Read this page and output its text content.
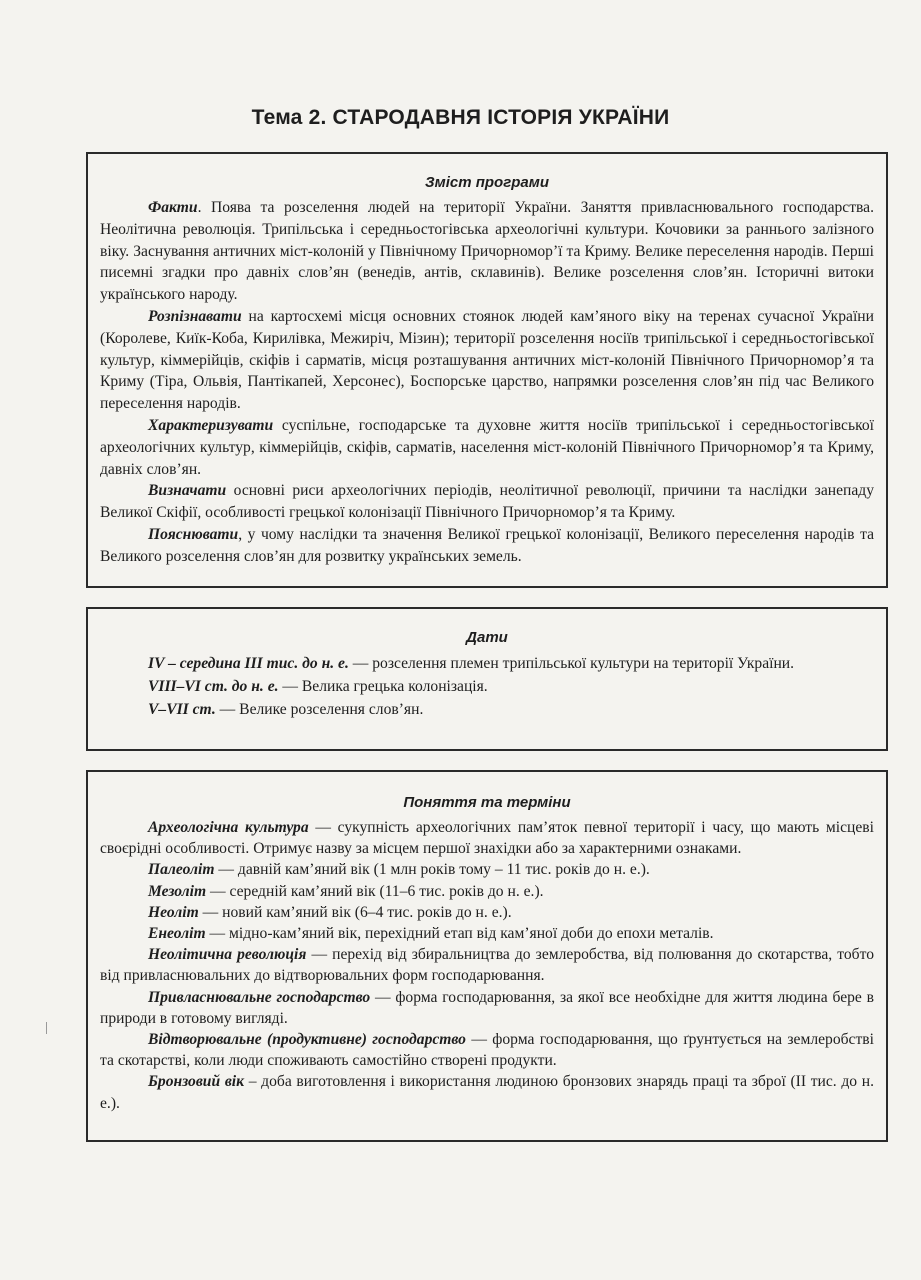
Тема 2. СТАРОДАВНЯ ІСТОРІЯ УКРАЇНИ
Зміст програми

Факти. Поява та розселення людей на території України. Заняття привласнювального господарства. Неолітична революція. Трипільська і середньостогівська археологічні культури. Кочовики за раннього залізного віку. Заснування античних міст-колоній у Північному Причорномор’ї та Криму. Велике переселення народів. Перші писемні згадки про давніх слов’ян (венедів, антів, склавинів). Велике розселення слов’ян. Історичні витоки українського народу.

Розпізнавати на картосхемі місця основних стоянок людей кам’яного віку на теренах сучасної України (Королеве, Киїк-Коба, Кирилівка, Межиріч, Мізин); території розселення носіїв трипільської і середньостогівської культур, кіммерійців, скіфів і сарматів, місця розташування античних міст-колоній Північного Причорномор’я та Криму (Тіра, Ольвія, Пантікапей, Херсонес), Боспорське царство, напрямки розселення слов’ян під час Великого переселення народів.

Характеризувати суспільне, господарське та духовне життя носіїв трипільської і середньостогівської археологічних культур, кіммерійців, скіфів, сарматів, населення міст-колоній Північного Причорномор’я та Криму, давніх слов’ян.

Визначати основні риси археологічних періодів, неолітичної революції, причини та наслідки занепаду Великої Скіфії, особливості грецької колонізації Північного Причорномор’я та Криму.

Пояснювати, у чому наслідки та значення Великої грецької колонізації, Великого переселення народів та Великого розселення слов’ян для розвитку українських земель.

Дати

IV – середина III тис. до н. е. — розселення племен трипільської культури на території України.

VIII–VI ст. до н. е. — Велика грецька колонізація.

V–VII ст. — Велике розселення слов’ян.

Поняття та терміни

Археологічна культура — сукупність археологічних пам’яток певної території і часу, що мають місцеві своєрідні особливості. Отримує назву за місцем першої знахідки або за характерними ознаками.

Палеоліт — давній кам’яний вік (1 млн років тому – 11 тис. років до н. е.).

Мезоліт — середній кам’яний вік (11–6 тис. років до н. е.).

Неоліт — новий кам’яний вік (6–4 тис. років до н. е.).

Енеоліт — мідно-кам’яний вік, перехідний етап від кам’яної доби до епохи металів.

Неолітична революція — перехід від збиральництва до землеробства, від полювання до скотарства, тобто від привласнювальних до відтворювальних форм господарювання.

Привласнювальне господарство — форма господарювання, за якої все необхідне для життя людина бере в природи в готовому вигляді.

Відтворювальне (продуктивне) господарство — форма господарювання, що ґрунтується на землеробстві та скотарстві, коли люди споживають самостійно створені продукти.

Бронзовий вік – доба виготовлення і використання людиною бронзових знарядь праці та зброї (ІІ тис. до н. е.).
